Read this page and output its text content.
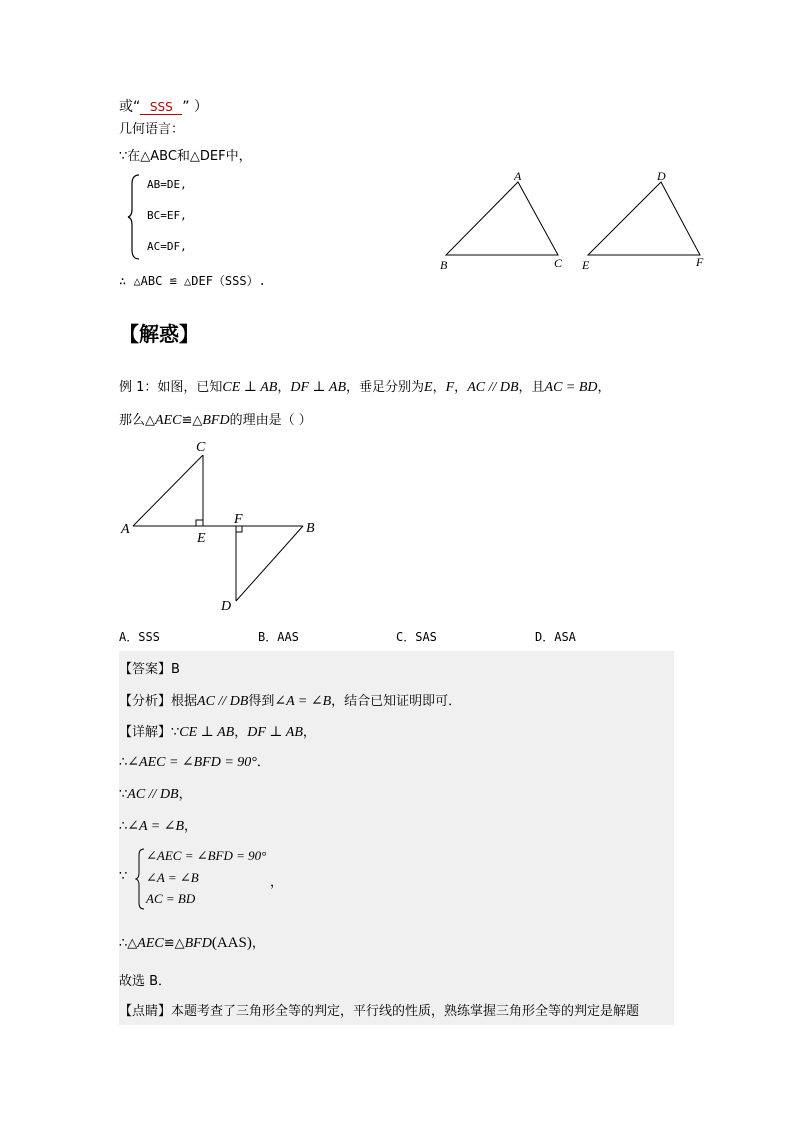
或“ SSS ” ）
几何语言：
∵在△ABC和△DEF中，
AB=DE,
BC=EF,
AC=DF,
∴ △ABC ≌ △DEF（SSS）.
A
B	C
D
E	F
【解惑】
例 1：如图，已知CE ⊥ AB，DF ⊥ AB，垂足分别为E，F，AC // DB，且AC = BD，
那么△AEC≌△BFD的理由是（ ）
A
C
E
F
B
D
A．SSS	B．AAS	C．SAS	D．ASA
【答案】B
【分析】根据AC // DB得到∠A = ∠B，结合已知证明即可．
【详解】∵CE ⊥ AB，DF ⊥ AB，
∴∠AEC = ∠BFD = 90°．
∵AC // DB，
∴∠A = ∠B，
∵
∠AEC = ∠BFD = 90°
∠A = ∠B
AC = BD
，
∴△AEC≌△BFD(AAS)，
故选 B．
【点睛】本题考查了三角形全等的判定，平行线的性质，熟练掌握三角形全等的判定是解题
